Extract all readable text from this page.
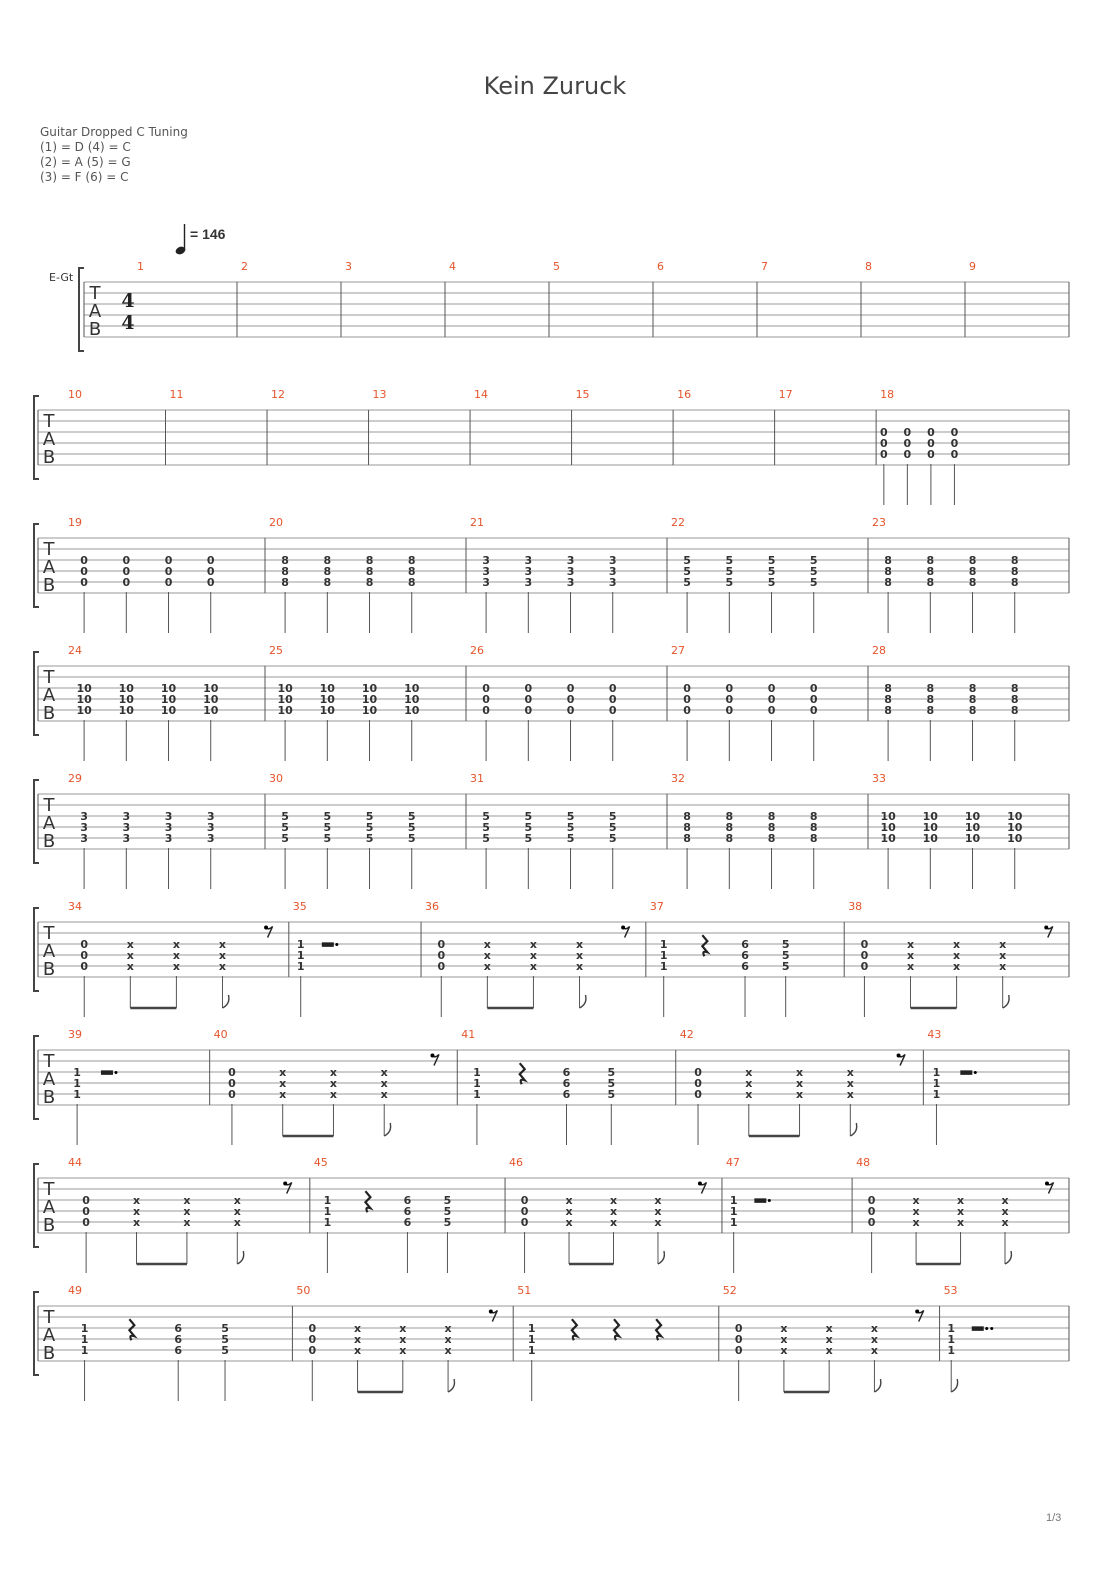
Kein Zuruck
Guitar Dropped C Tuning
(1) = D (4) = C
(2) = A (5) = G
(3) = F (6) = C
= 146
E-Gt
T
A
B
4
4
1	2	3	4	5	6	7	8	9
T
A
B
10	11	12	13	14	15	16	17	18
0
0
0
0
0
0
0
0
0
0
0
0
T
A
B
19
0
0
0
0
0
0
0
0
0
0
0
0
20
8
8
8
8
8
8
8
8
8
8
8
8
21
3
3
3
3
3
3
3
3
3
3
3
3
22
5
5
5
5
5
5
5
5
5
5
5
5
23
8
8
8
8
8
8
8
8
8
8
8
8
T
A
B
24
10
10
10
10
10
10
10
10
10
10
10
10
25
10
10
10
10
10
10
10
10
10
10
10
10
26
0
0
0
0
0
0
0
0
0
0
0
0
27
0
0
0
0
0
0
0
0
0
0
0
0
28
8
8
8
8
8
8
8
8
8
8
8
8
T
A
B
29
3
3
3
3
3
3
3
3
3
3
3
3
30
5
5
5
5
5
5
5
5
5
5
5
5
31
5
5
5
5
5
5
5
5
5
5
5
5
32
8
8
8
8
8
8
8
8
8
8
8
8
33
10
10
10
10
10
10
10
10
10
10
10
10
T
A
B
34
0
0
0
x
x
x
x
x
x
x
x
x
35
1
1
1
36
0
0
0
x
x
x
x
x
x
x
x
x
37
1
1
1
6
6
6
5
5
5
38
0
0
0
x
x
x
x
x
x
x
x
x
T
A
B
39
1
1
1
40
0
0
0
x
x
x
x
x
x
x
x
x
41
1
1
1
6
6
6
5
5
5
42
0
0
0
x
x
x
x
x
x
x
x
x
43
1
1
1
T
A
B
44
0
0
0
x
x
x
x
x
x
x
x
x
45
1
1
1
6
6
6
5
5
5
46
0
0
0
x
x
x
x
x
x
x
x
x
47
1
1
1
48
0
0
0
x
x
x
x
x
x
x
x
x
T
A
B
49
1
1
1
6
6
6
5
5
5
50
0
0
0
x
x
x
x
x
x
x
x
x
51
1
1
1
52
0
0
0
x
x
x
x
x
x
x
x
x
53
1
1
1
1/3
